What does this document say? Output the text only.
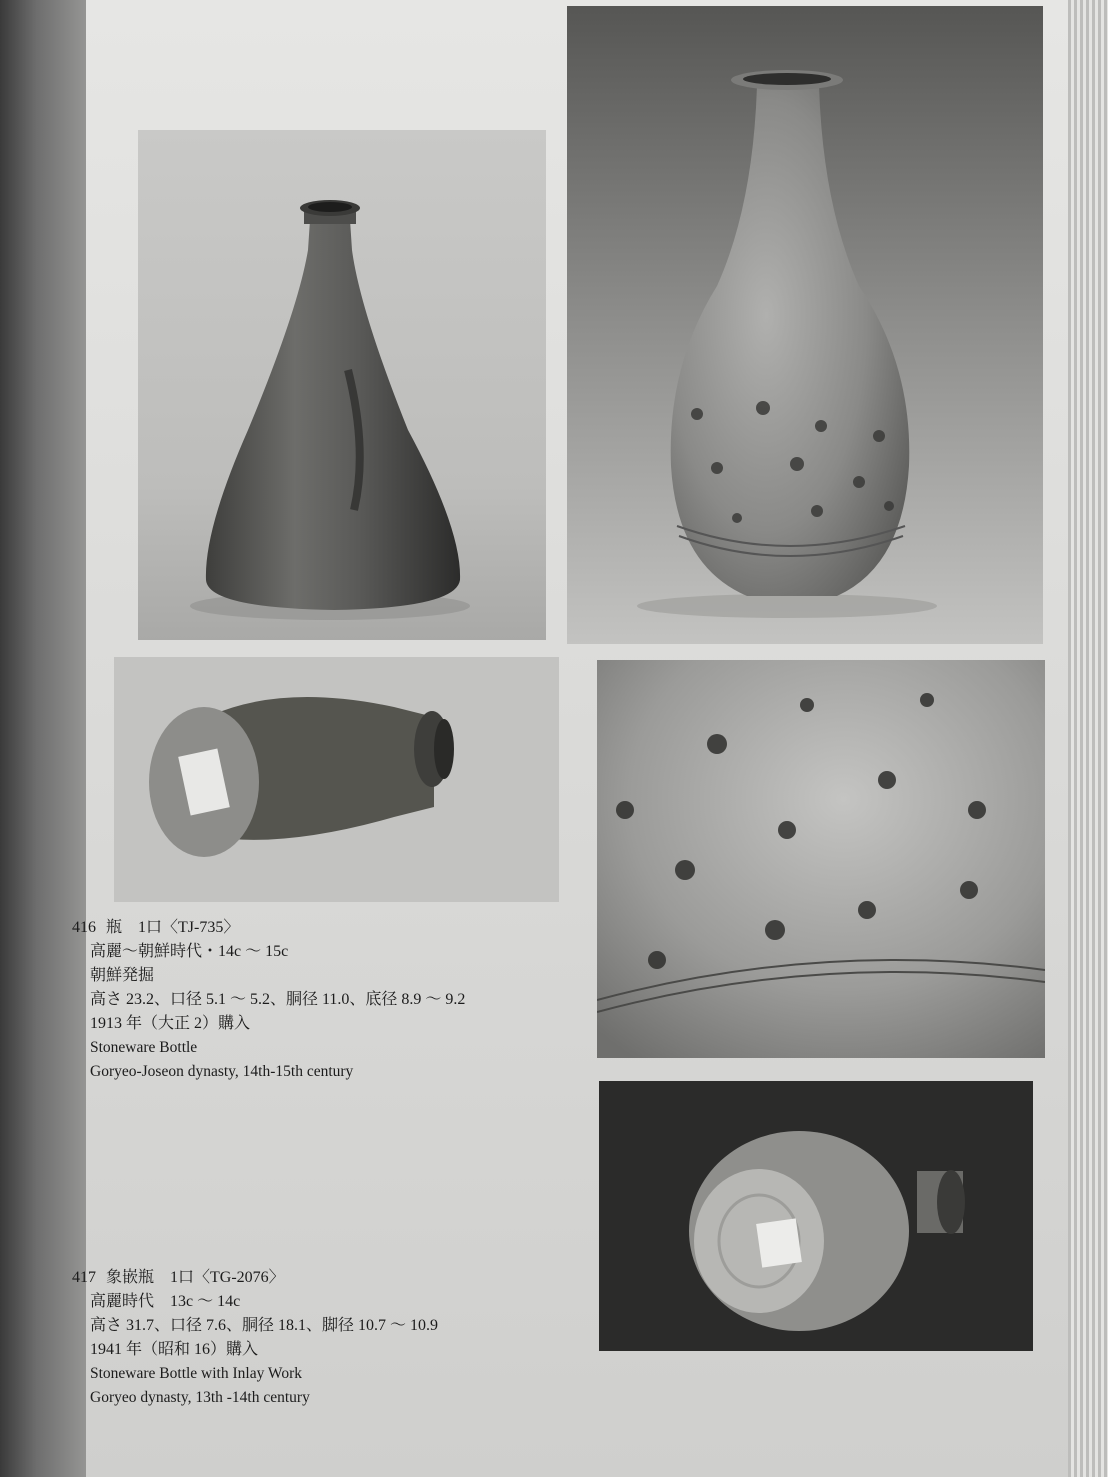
416 瓶　1口〈TJ-735〉
高麗～朝鮮時代・14c ～ 15c
朝鮮発掘
高さ 23.2、口径 5.1 ～ 5.2、胴径 11.0、底径 8.9 ～ 9.2
1913 年（大正 2）購入
Stoneware Bottle
Goryeo-Joseon dynasty, 14th-15th century
417 象嵌瓶　1口〈TG-2076〉
高麗時代　13c ～ 14c
高さ 31.7、口径 7.6、胴径 18.1、脚径 10.7 ～ 10.9
1941 年（昭和 16）購入
Stoneware Bottle with Inlay Work
Goryeo dynasty, 13th -14th century
